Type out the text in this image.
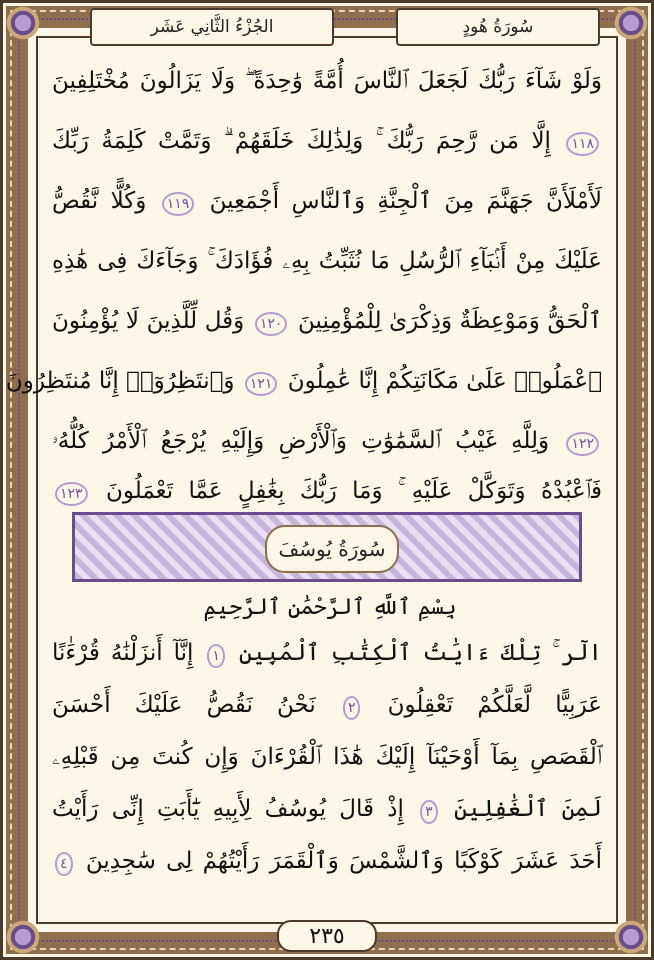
الجُزْءُ الثَّانِي عَشَر	سُورَةُ هُودٍ
وَلَوْ شَآءَ رَبُّكَ لَجَعَلَ ٱلنَّاسَ أُمَّةً وَٰحِدَةً ۖ وَلَا يَزَالُونَ مُخْتَلِفِينَ
١١٨ إِلَّا مَن رَّحِمَ رَبُّكَ ۚ وَلِذَٰلِكَ خَلَقَهُمْ ۗ وَتَمَّتْ كَلِمَةُ رَبِّكَ
لَأَمْلَأَنَّ جَهَنَّمَ مِنَ ٱلْجِنَّةِ وَٱلنَّاسِ أَجْمَعِينَ ١١٩ وَكُلًّا نَّقُصُّ
عَلَيْكَ مِنْ أَنۢبَآءِ ٱلرُّسُلِ مَا نُثَبِّتُ بِهِۦ فُؤَادَكَ ۚ وَجَآءَكَ فِى هَٰذِهِ
ٱلْحَقُّ وَمَوْعِظَةٌ وَذِكْرَىٰ لِلْمُؤْمِنِينَ ١٢٠ وَقُل لِّلَّذِينَ لَا يُؤْمِنُونَ
ٱعْمَلُوا۟ عَلَىٰ مَكَانَتِكُمْ إِنَّا عَٰمِلُونَ ١٢١ وَٱنتَظِرُوٓا۟ إِنَّا مُنتَظِرُونَ
١٢٢ وَلِلَّهِ غَيْبُ ٱلسَّمَٰوَٰتِ وَٱلْأَرْضِ وَإِلَيْهِ يُرْجَعُ ٱلْأَمْرُ كُلُّهُۥ
فَٱعْبُدْهُ وَتَوَكَّلْ عَلَيْهِ ۚ وَمَا رَبُّكَ بِغَٰفِلٍ عَمَّا تَعْمَلُونَ ١٢٣
سُورَةُ يُوسُفَ
بِسْمِ ٱللَّهِ ٱلرَّحْمَٰنِ ٱلرَّحِيمِ
الٓر ۚ تِلْكَ ءَايَٰتُ ٱلْكِتَٰبِ ٱلْمُبِينِ ١ إِنَّآ أَنزَلْنَٰهُ قُرْءَٰنًا
عَرَبِيًّا لَّعَلَّكُمْ تَعْقِلُونَ ٢ نَحْنُ نَقُصُّ عَلَيْكَ أَحْسَنَ
ٱلْقَصَصِ بِمَآ أَوْحَيْنَآ إِلَيْكَ هَٰذَا ٱلْقُرْءَانَ وَإِن كُنتَ مِن قَبْلِهِۦ
لَمِنَ ٱلْغَٰفِلِينَ ٣ إِذْ قَالَ يُوسُفُ لِأَبِيهِ يَٰٓأَبَتِ إِنِّى رَأَيْتُ
أَحَدَ عَشَرَ كَوْكَبًا وَٱلشَّمْسَ وَٱلْقَمَرَ رَأَيْتُهُمْ لِى سَٰجِدِينَ ٤
٢٣٥
